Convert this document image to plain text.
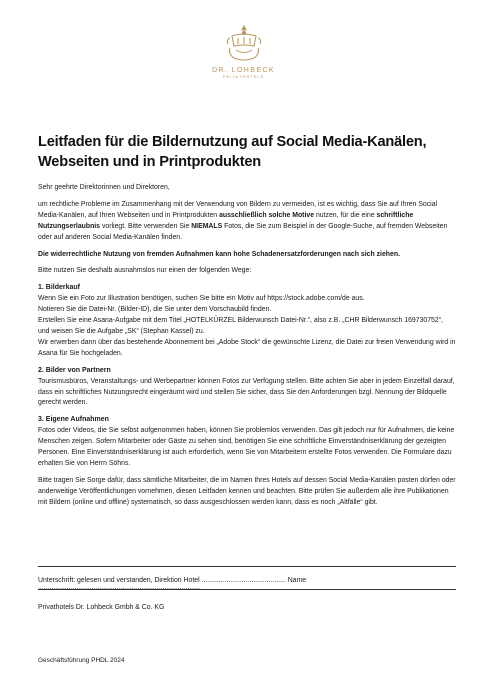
DR. LOHBECK
PRIVATHOTELS
Leitfaden für die Bildernutzung auf Social Media-Kanälen, Webseiten und in Printprodukten

Sehr geehrte Direktorinnen und Direktoren,

um rechtliche Probleme im Zusammenhang mit der Verwendung von Bildern zu vermeiden, ist es wichtig, dass Sie auf Ihren Social Media-Kanälen, auf Ihren Webseiten und in Printprodukten ausschließlich solche Motive nutzen, für die eine schriftliche Nutzungserlaubnis vorliegt. Bitte verwenden Sie NIEMALS Fotos, die Sie zum Beispiel in der Google-Suche, auf fremden Webseiten oder auf anderen Social Media-Kanälen finden.

Die widerrechtliche Nutzung von fremden Aufnahmen kann hohe Schadenersatzforderungen nach sich ziehen.

Bitte nutzen Sie deshalb ausnahmslos nur einen der folgenden Wege:

1. Bilderkauf
Wenn Sie ein Foto zur Illustration benötigen, suchen Sie bitte ein Motiv auf https://stock.adobe.com/de aus.
Notieren Sie die Datei-Nr. (Bilder-ID), die Sie unter dem Vorschaubild finden.
Erstellen Sie eine Asana-Aufgabe mit dem Titel „HOTELKÜRZEL Bilderwunsch Datei-Nr.“, also z.B. „CHR Bilderwunsch 169730752“, und weisen Sie die Aufgabe „SK“ (Stephan Kassel) zu.
Wir erwerben dann über das bestehende Abonnement bei „Adobe Stock“ die gewünschte Lizenz, die Datei zur freien Verwendung wird in Asana für Sie hochgeladen.
2. Bilder von Partnern
Tourismusbüros, Veranstaltungs- und Werbepartner können Fotos zur Verfügung stellen. Bitte achten Sie aber in jedem Einzelfall darauf, dass ein schriftliches Nutzungsrecht eingeräumt wird und stellen Sie sicher, dass Sie den Anforderungen bzgl. Nennung der Bildquelle gerecht werden.
3. Eigene Aufnahmen
Fotos oder Videos, die Sie selbst aufgenommen haben, können Sie problemlos verwenden. Das gilt jedoch nur für Aufnahmen, die keine Menschen zeigen. Sofern Mitarbeiter oder Gäste zu sehen sind, benötigen Sie eine schriftliche Einverständniserklärung der gezeigten Personen. Eine Einverständniserklärung ist auch erforderlich, wenn Sie von Mitarbeitern erstellte Fotos verwenden. Die Formulare dazu erhalten Sie von Herrn Söhns.

Bitte tragen Sie Sorge dafür, dass sämtliche Mitarbeiter, die im Namen Ihres Hotels auf dessen Social Media-Kanälen posten dürfen oder anderweitige Veröffentlichungen vornehmen, diesen Leitfaden kennen und beachten. Bitte prüfen Sie außerdem alle ihre Publikationen mit Bildern (online und offline) systematisch, so dass ausgeschlossen werden kann, dass es noch „Altfälle“ gibt.

Unterschrift: gelesen und verstanden, Direktion Hotel ............................................ Name .....................................................................................
Privathotels Dr. Lohbeck Gmbh & Co. KG
Geschäftsführung PHDL 2024
